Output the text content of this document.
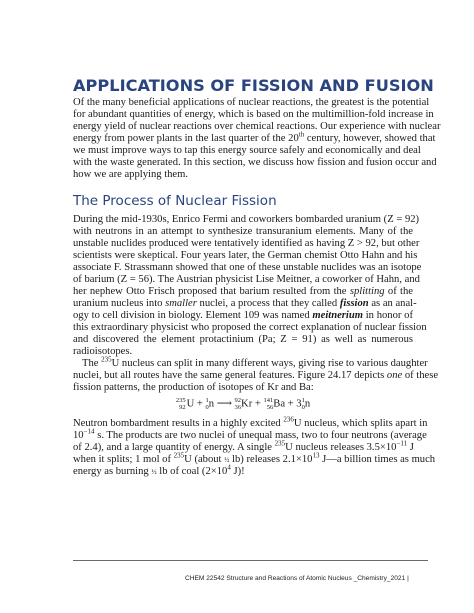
APPLICATIONS OF FISSION AND FUSION
Of the many beneficial applications of nuclear reactions, the greatest is the potential
for abundant quantities of energy, which is based on the multimillion-fold increase in
energy yield of nuclear reactions over chemical reactions. Our experience with nuclear
energy from power plants in the last quarter of the 20th century, however, showed that
we must improve ways to tap this energy source safely and economically and deal
with the waste generated. In this section, we discuss how fission and fusion occur and
how we are applying them.
The Process of Nuclear Fission
During the mid-1930s, Enrico Fermi and coworkers bombarded uranium (Z = 92)
with neutrons in an attempt to synthesize transuranium elements. Many of the
unstable nuclides produced were tentatively identified as having Z > 92, but other
scientists were skeptical. Four years later, the German chemist Otto Hahn and his
associate F. Strassmann showed that one of these unstable nuclides was an isotope
of barium (Z = 56). The Austrian physicist Lise Meitner, a coworker of Hahn, and
her nephew Otto Frisch proposed that barium resulted from the splitting of the
uranium nucleus into smaller nuclei, a process that they called fission as an anal-
ogy to cell division in biology. Element 109 was named meitnerium in honor of
this extraordinary physicist who proposed the correct explanation of nuclear fission
and discovered the element protactinium (Pa; Z = 91) as well as numerous
radioisotopes.
The $^{235}$U nucleus can split in many different ways, giving rise to various daughter
nuclei, but all routes have the same general features. Figure 24.17 depicts one of these
fission patterns, the production of isotopes of Kr and Ba:
235
92U + 1
0n ⟶ 92
36Kr + 141
56Ba + 31
0n
Neutron bombardment results in a highly excited $^{236}$U nucleus, which splits apart in
$10^{-14}$ s. The products are two nuclei of unequal mass, two to four neutrons (average
of 2.4), and a large quantity of energy. A single $^{235}$U nucleus releases $3.5\times 10^{-11}$ J
when it splits; 1 mol of $^{235}$U (about ½ lb) releases $2.1\times 10^{13}$ J—a billion times as much
energy as burning ½ lb of coal ($2\times 10^4$ J)!
CHEM 22542 Structure and Reactions of Atomic Nucleus _Chemistry_2021 |
